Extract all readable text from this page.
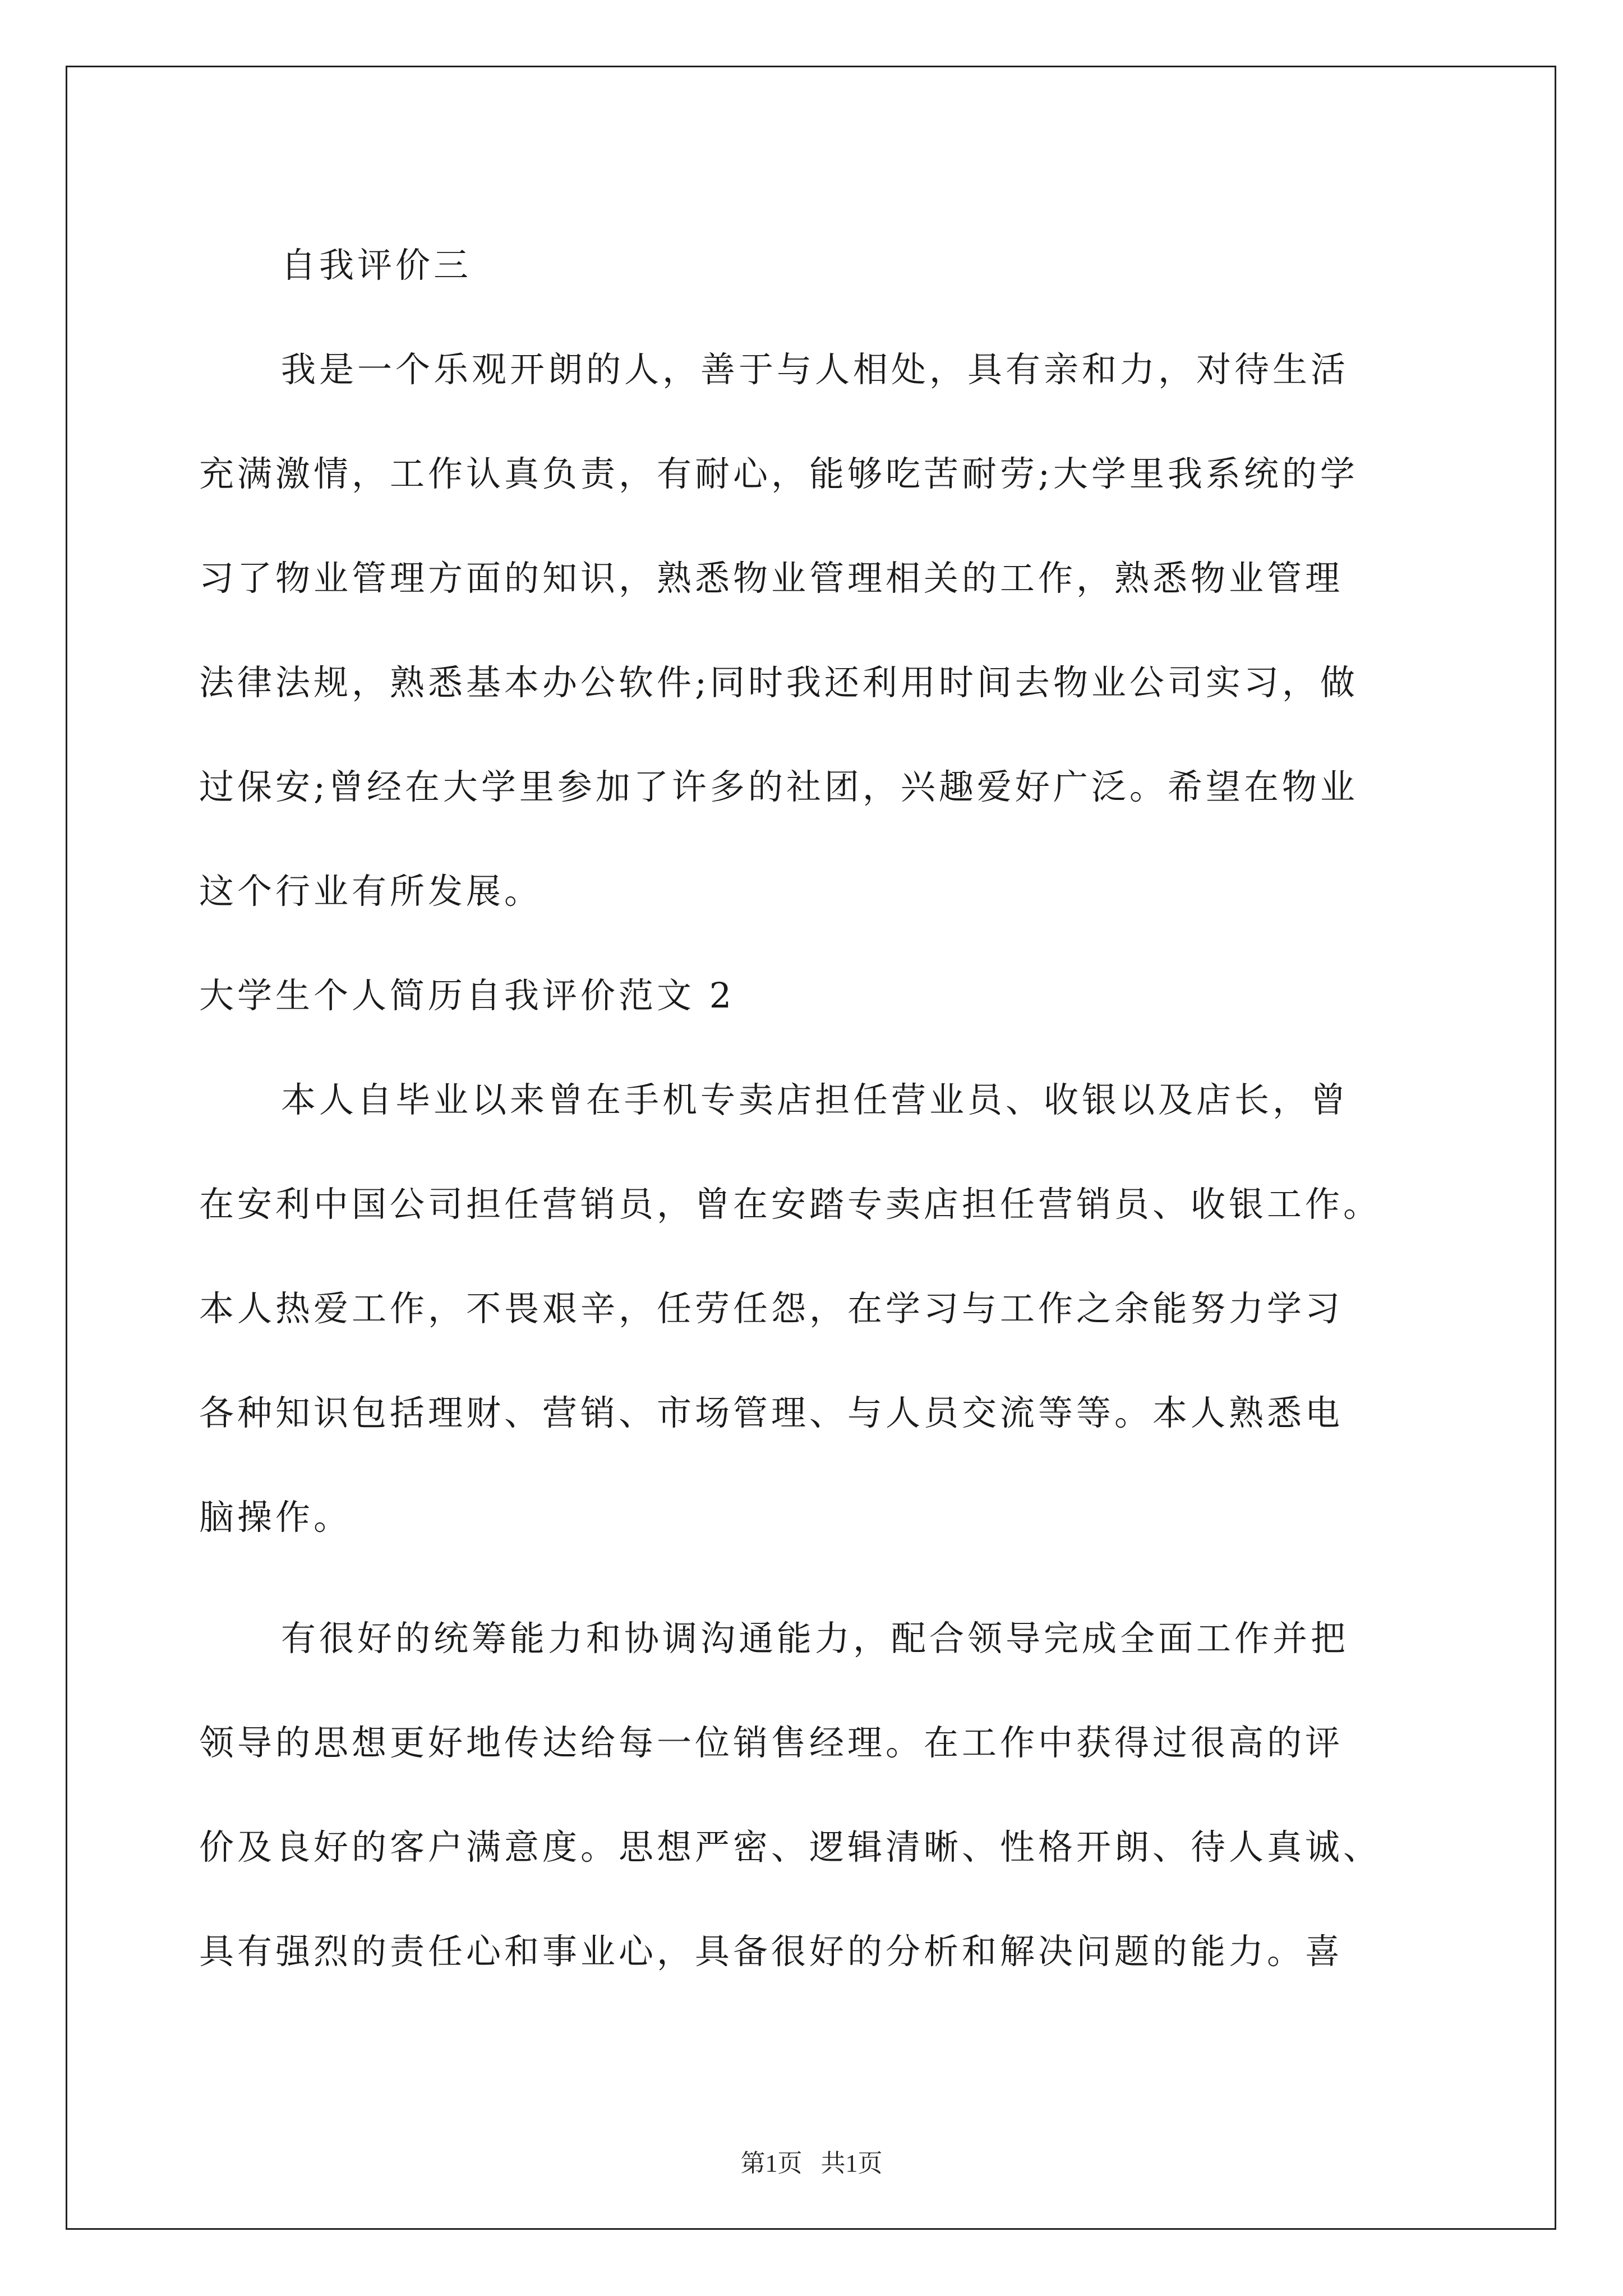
自我评价三
我是一个乐观开朗的人，善于与人相处，具有亲和力，对待生活
充满激情，工作认真负责，有耐心，能够吃苦耐劳;大学里我系统的学
习了物业管理方面的知识，熟悉物业管理相关的工作，熟悉物业管理
法律法规，熟悉基本办公软件;同时我还利用时间去物业公司实习，做
过保安;曾经在大学里参加了许多的社团，兴趣爱好广泛。希望在物业
这个行业有所发展。
大学生个人简历自我评价范文 2
本人自毕业以来曾在手机专卖店担任营业员、收银以及店长，曾
在安利中国公司担任营销员，曾在安踏专卖店担任营销员、收银工作。
本人热爱工作，不畏艰辛，任劳任怨，在学习与工作之余能努力学习
各种知识包括理财、营销、市场管理、与人员交流等等。本人熟悉电
脑操作。
有很好的统筹能力和协调沟通能力，配合领导完成全面工作并把
领导的思想更好地传达给每一位销售经理。在工作中获得过很高的评
价及良好的客户满意度。思想严密、逻辑清晰、性格开朗、待人真诚、
具有强烈的责任心和事业心，具备很好的分析和解决问题的能力。喜
第1页   共1页
